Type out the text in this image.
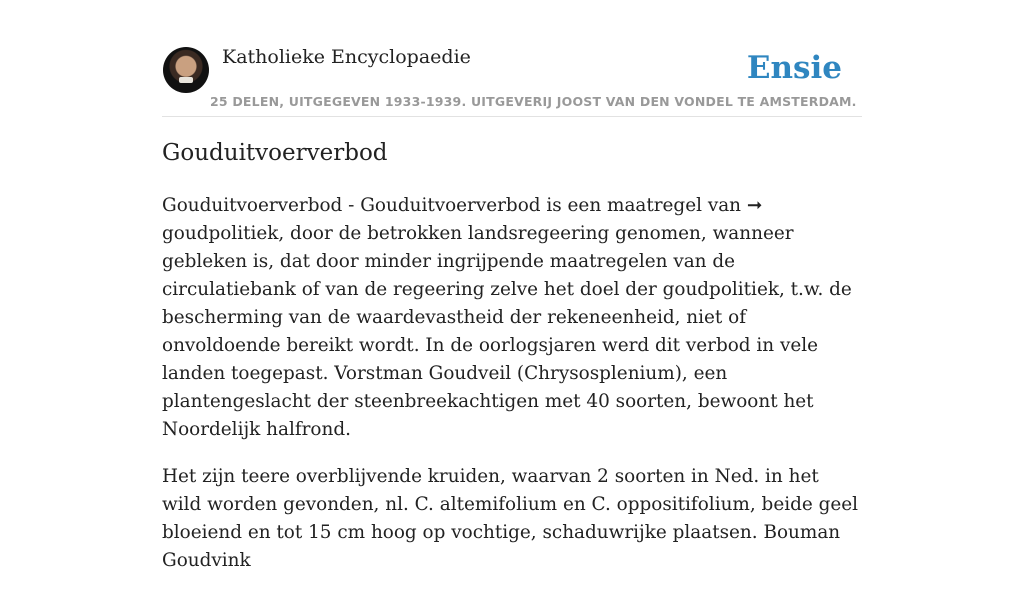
Katholieke Encyclopaedie
25 DELEN, UITGEGEVEN 1933-1939. UITGEVERIJ JOOST VAN DEN VONDEL TE AMSTERDAM.
Ensie
Gouduitvoerverbod

Gouduitvoerverbod - Gouduitvoerverbod is een maatregel van ➞ goudpolitiek, door de betrokken landsregeering genomen, wanneer gebleken is, dat door minder ingrijpende maatregelen van de circulatiebank of van de regeering zelve het doel der goudpolitiek, t.w. de bescherming van de waardevastheid der rekeneenheid, niet of onvoldoende bereikt wordt. In de oorlogsjaren werd dit verbod in vele landen toegepast. Vorstman Goudveil (Chrysosplenium), een plantengeslacht der steenbreekachtigen met 40 soorten, bewoont het Noordelijk halfrond.

Het zijn teere overblijvende kruiden, waarvan 2 soorten in Ned. in het wild worden gevonden, nl. C. altemifolium en C. oppositifolium, beide geel bloeiend en tot 15 cm hoog op vochtige, schaduwrijke plaatsen. Bouman Goudvink
